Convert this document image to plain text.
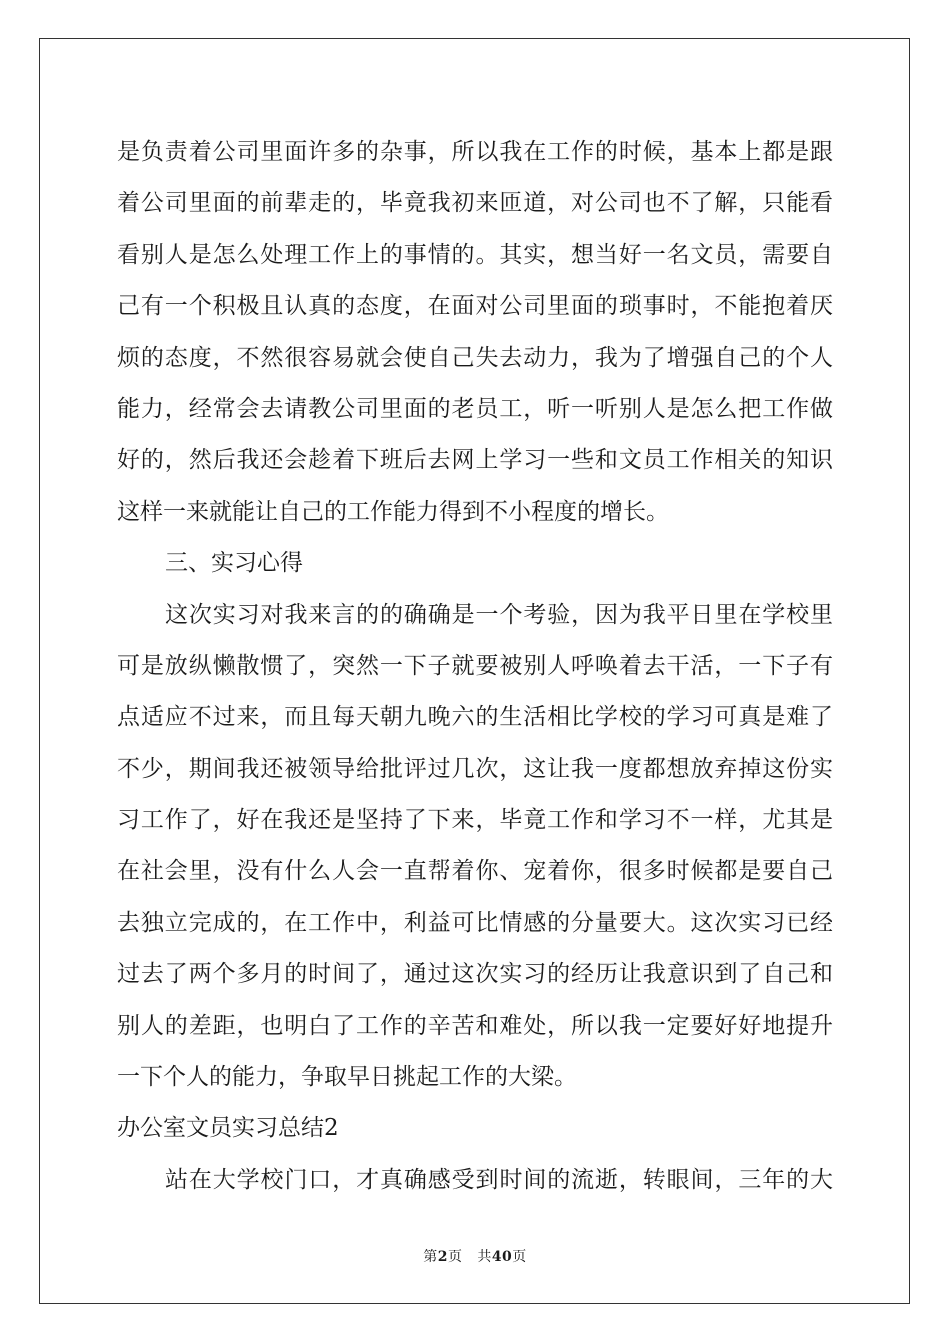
是负责着公司里面许多的杂事，所以我在工作的时候，基本上都是跟
着公司里面的前辈走的，毕竟我初来匝道，对公司也不了解，只能看
看别人是怎么处理工作上的事情的。其实，想当好一名文员，需要自
己有一个积极且认真的态度，在面对公司里面的琐事时，不能抱着厌
烦的态度，不然很容易就会使自己失去动力，我为了增强自己的个人
能力，经常会去请教公司里面的老员工，听一听别人是怎么把工作做
好的，然后我还会趁着下班后去网上学习一些和文员工作相关的知识
这样一来就能让自己的工作能力得到不小程度的增长。
三、实习心得
这次实习对我来言的的确确是一个考验，因为我平日里在学校里
可是放纵懒散惯了，突然一下子就要被别人呼唤着去干活，一下子有
点适应不过来，而且每天朝九晚六的生活相比学校的学习可真是难了
不少，期间我还被领导给批评过几次，这让我一度都想放弃掉这份实
习工作了，好在我还是坚持了下来，毕竟工作和学习不一样，尤其是
在社会里，没有什么人会一直帮着你、宠着你，很多时候都是要自己
去独立完成的，在工作中，利益可比情感的分量要大。这次实习已经
过去了两个多月的时间了，通过这次实习的经历让我意识到了自己和
别人的差距，也明白了工作的辛苦和难处，所以我一定要好好地提升
一下个人的能力，争取早日挑起工作的大梁。
办公室文员实习总结2
站在大学校门口，才真确感受到时间的流逝，转眼间，三年的大
第2页 共40页
